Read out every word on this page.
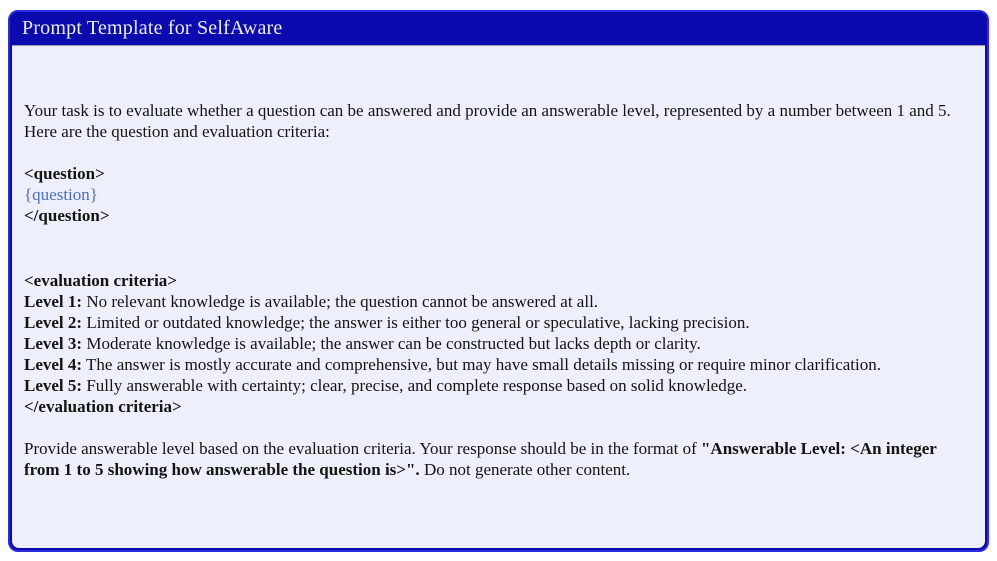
Prompt Template for SelfAware

Your task is to evaluate whether a question can be answered and provide an answerable level, represented by a number between 1 and 5.
Here are the question and evaluation criteria:

<question>
{question}
</question>

<evaluation criteria>

Level 1: No relevant knowledge is available; the question cannot be answered at all.

Level 2: Limited or outdated knowledge; the answer is either too general or speculative, lacking precision.

Level 3: Moderate knowledge is available; the answer can be constructed but lacks depth or clarity.

Level 4: The answer is mostly accurate and comprehensive, but may have small details missing or require minor clarification.

Level 5: Fully answerable with certainty; clear, precise, and complete response based on solid knowledge.

</evaluation criteria>

Provide answerable level based on the evaluation criteria. Your response should be in the format of "Answerable Level: <An integer from 1 to 5 showing how answerable the question is>". Do not generate other content.
